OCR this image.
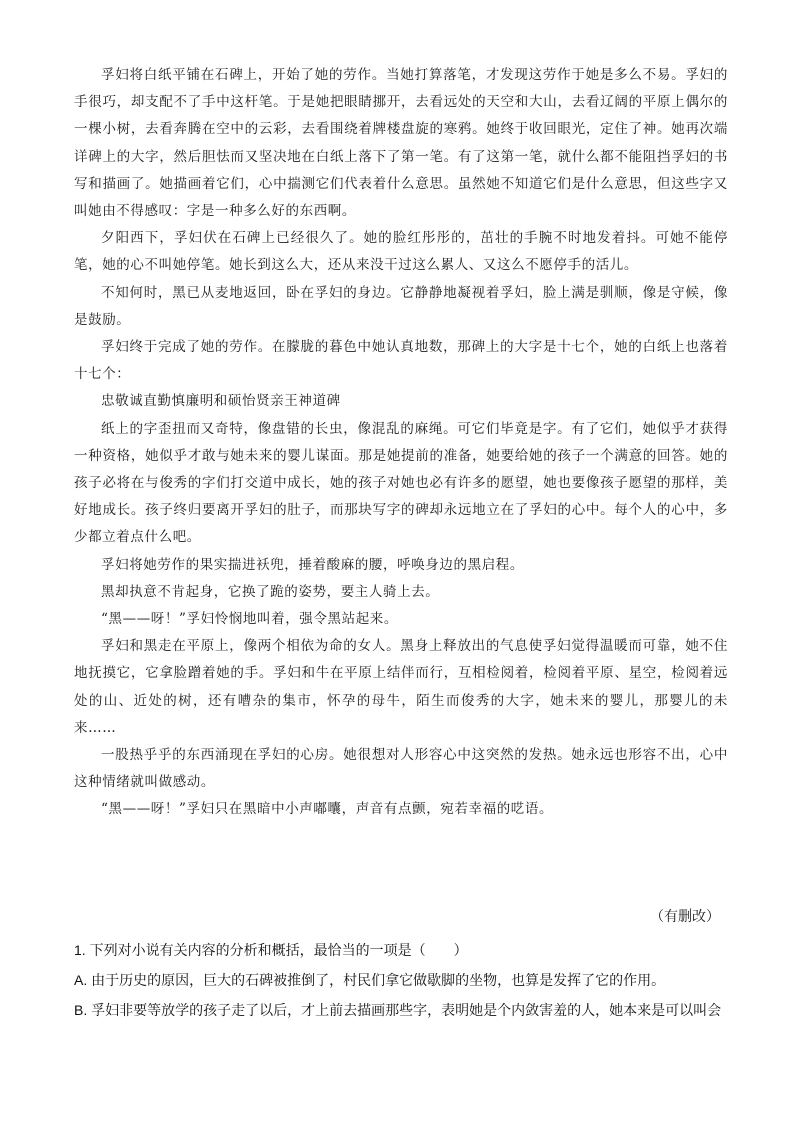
孚妇将白纸平铺在石碑上，开始了她的劳作。当她打算落笔，才发现这劳作于她是多么不易。孚妇的手很巧，却支配不了手中这杆笔。于是她把眼睛挪开，去看远处的天空和大山，去看辽阔的平原上偶尔的一棵小树，去看奔腾在空中的云彩，去看围绕着牌楼盘旋的寒鸦。她终于收回眼光，定住了神。她再次端详碑上的大字，然后胆怯而又坚决地在白纸上落下了第一笔。有了这第一笔，就什么都不能阻挡孚妇的书写和描画了。她描画着它们，心中揣测它们代表着什么意思。虽然她不知道它们是什么意思，但这些字又叫她由不得感叹：字是一种多么好的东西啊。

夕阳西下，孚妇伏在石碑上已经很久了。她的脸红彤彤的，茁壮的手腕不时地发着抖。可她不能停笔，她的心不叫她停笔。她长到这么大，还从来没干过这么累人、又这么不愿停手的活儿。

不知何时，黑已从麦地返回，卧在孚妇的身边。它静静地凝视着孚妇，脸上满是驯顺，像是守候，像是鼓励。

孚妇终于完成了她的劳作。在朦胧的暮色中她认真地数，那碑上的大字是十七个，她的白纸上也落着十七个：

忠敬诚直勤慎廉明和硕怡贤亲王神道碑

纸上的字歪扭而又奇特，像盘错的长虫，像混乱的麻绳。可它们毕竟是字。有了它们，她似乎才获得一种资格，她似乎才敢与她未来的婴儿谋面。那是她提前的准备，她要给她的孩子一个满意的回答。她的孩子必将在与俊秀的字们打交道中成长，她的孩子对她也必有许多的愿望，她也要像孩子愿望的那样，美好地成长。孩子终归要离开孚妇的肚子，而那块写字的碑却永远地立在了孚妇的心中。每个人的心中，多少都立着点什么吧。

孚妇将她劳作的果实揣进袄兜，捶着酸麻的腰，呼唤身边的黑启程。

黑却执意不肯起身，它换了跪的姿势，要主人骑上去。

“黑——呀！”孚妇怜悯地叫着，强令黑站起来。

孚妇和黑走在平原上，像两个相依为命的女人。黑身上释放出的气息使孚妇觉得温暖而可靠，她不住地抚摸它，它拿脸蹭着她的手。孚妇和牛在平原上结伴而行，互相检阅着，检阅着平原、星空，检阅着远处的山、近处的树，还有嘈杂的集市，怀孕的母牛，陌生而俊秀的大字，她未来的婴儿，那婴儿的未来……

一股热乎乎的东西涌现在孚妇的心房。她很想对人形容心中这突然的发热。她永远也形容不出，心中这种情绪就叫做感动。

“黑——呀！”孚妇只在黑暗中小声嘟囔，声音有点颤，宛若幸福的呓语。

（有删改）
1. 下列对小说有关内容的分析和概括，最恰当的一项是（　　）
A. 由于历史的原因，巨大的石碑被推倒了，村民们拿它做歇脚的坐物，也算是发挥了它的作用。
B. 孚妇非要等放学的孩子走了以后，才上前去描画那些字，表明她是个内敛害羞的人，她本来是可以叫会
